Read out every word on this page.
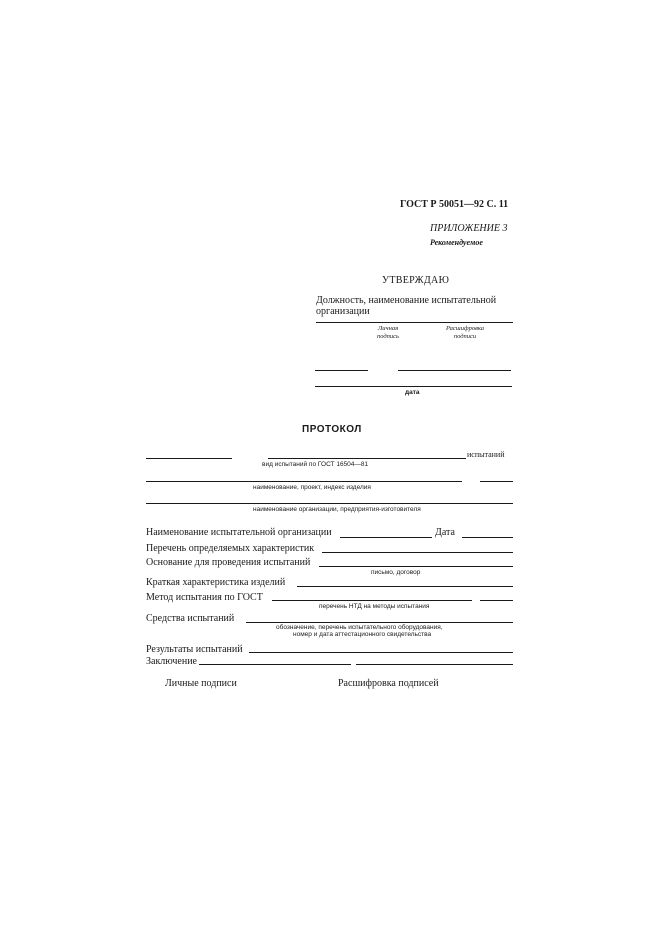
ГОСТ Р 50051—92 С. 11
ПРИЛОЖЕНИЕ 3
Рекомендуемое
УТВЕРЖДАЮ
Должность, наименование испытательной
организации
Личная
подпись
Расшифровка
подписи
дата
ПРОТОКОЛ
испытаний
вид испытаний по ГОСТ 16504—81
наименование, проект, индекс изделия
наименование организации, предприятия-изготовителя
Наименование испытательной организации	Дата
Перечень определяемых характеристик
Основание для проведения испытаний
письмо, договор
Краткая характеристика изделий
Метод испытания по ГОСТ
перечень НТД на методы испытания
Средства испытаний
обозначение, перечень испытательного оборудования,
номер и дата аттестационного свидетельства
Результаты испытаний
Заключение
Личные подписи	Расшифровка подписей
